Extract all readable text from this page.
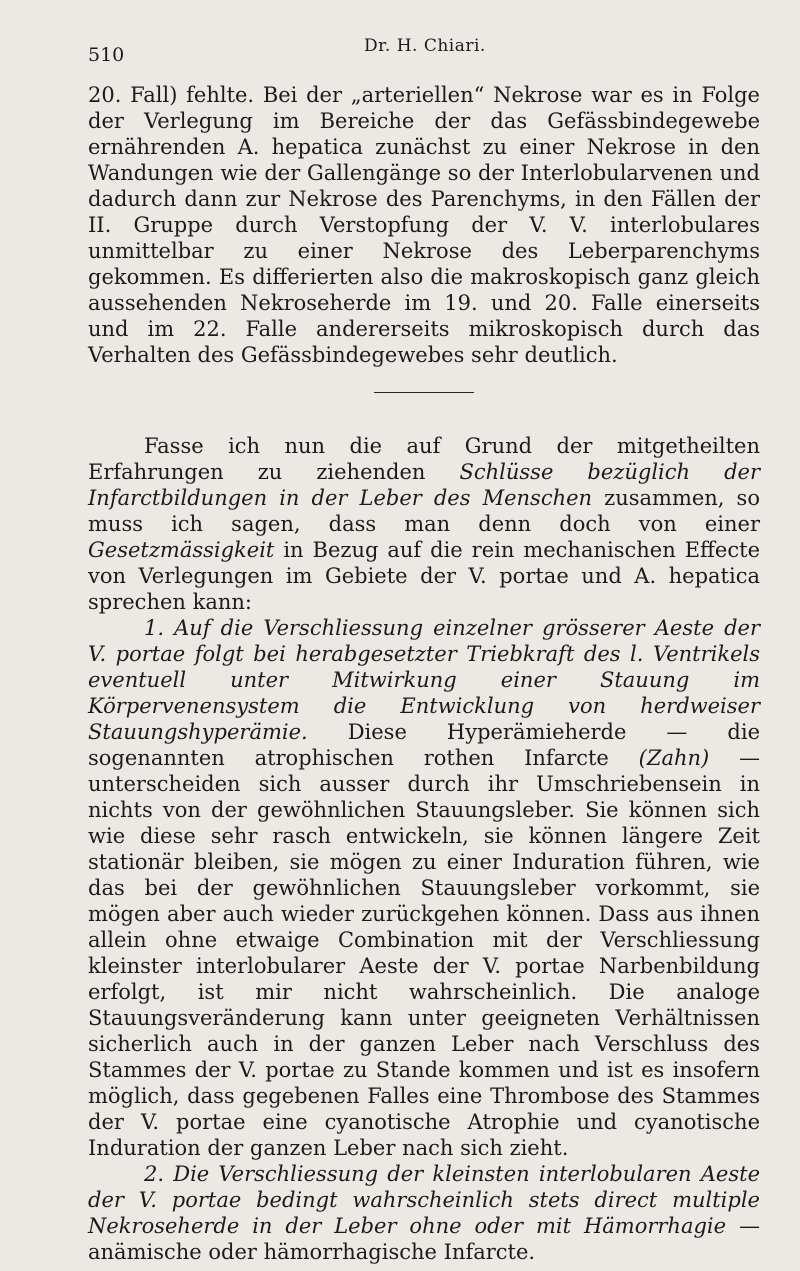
510	Dr. H. Chiari.

20. Fall) fehlte. Bei der „arteriellen“ Nekrose war es in Folge der Verlegung im Bereiche der das Gefässbindegewebe ernährenden A. hepatica zunächst zu einer Nekrose in den Wandungen wie der Gallengänge so der Interlobularvenen und dadurch dann zur Nekrose des Parenchyms, in den Fällen der II. Gruppe durch Verstopfung der V. V. interlobulares unmittelbar zu einer Nekrose des Leberparenchyms gekommen. Es differierten also die makroskopisch ganz gleich aussehenden Nekroseherde im 19. und 20. Falle einerseits und im 22. Falle andererseits mikroskopisch durch das Verhalten des Gefässbindegewebes sehr deutlich.

Fasse ich nun die auf Grund der mitgetheilten Erfahrungen zu ziehenden Schlüsse bezüglich der Infarctbildungen in der Leber des Menschen zusammen, so muss ich sagen, dass man denn doch von einer Gesetzmässigkeit in Bezug auf die rein mechanischen Effecte von Verlegungen im Gebiete der V. portae und A. hepatica sprechen kann:

1. Auf die Verschliessung einzelner grösserer Aeste der V. portae folgt bei herabgesetzter Triebkraft des l. Ventrikels eventuell unter Mitwirkung einer Stauung im Körpervenensystem die Entwicklung von herdweiser Stauungshyperämie. Diese Hyperämieherde — die sogenannten atrophischen rothen Infarcte (Zahn) — unterscheiden sich ausser durch ihr Umschriebensein in nichts von der gewöhnlichen Stauungsleber. Sie können sich wie diese sehr rasch entwickeln, sie können längere Zeit stationär bleiben, sie mögen zu einer Induration führen, wie das bei der gewöhnlichen Stauungsleber vorkommt, sie mögen aber auch wieder zurückgehen können. Dass aus ihnen allein ohne etwaige Combination mit der Verschliessung kleinster interlobularer Aeste der V. portae Narbenbildung erfolgt, ist mir nicht wahrscheinlich. Die analoge Stauungsveränderung kann unter geeigneten Verhältnissen sicherlich auch in der ganzen Leber nach Verschluss des Stammes der V. portae zu Stande kommen und ist es insofern möglich, dass gegebenen Falles eine Thrombose des Stammes der V. portae eine cyanotische Atrophie und cyanotische Induration der ganzen Leber nach sich zieht.

2. Die Verschliessung der kleinsten interlobularen Aeste der V. portae bedingt wahrscheinlich stets direct multiple Nekroseherde in der Leber ohne oder mit Hämorrhagie — anämische oder hämorrhagische Infarcte.
